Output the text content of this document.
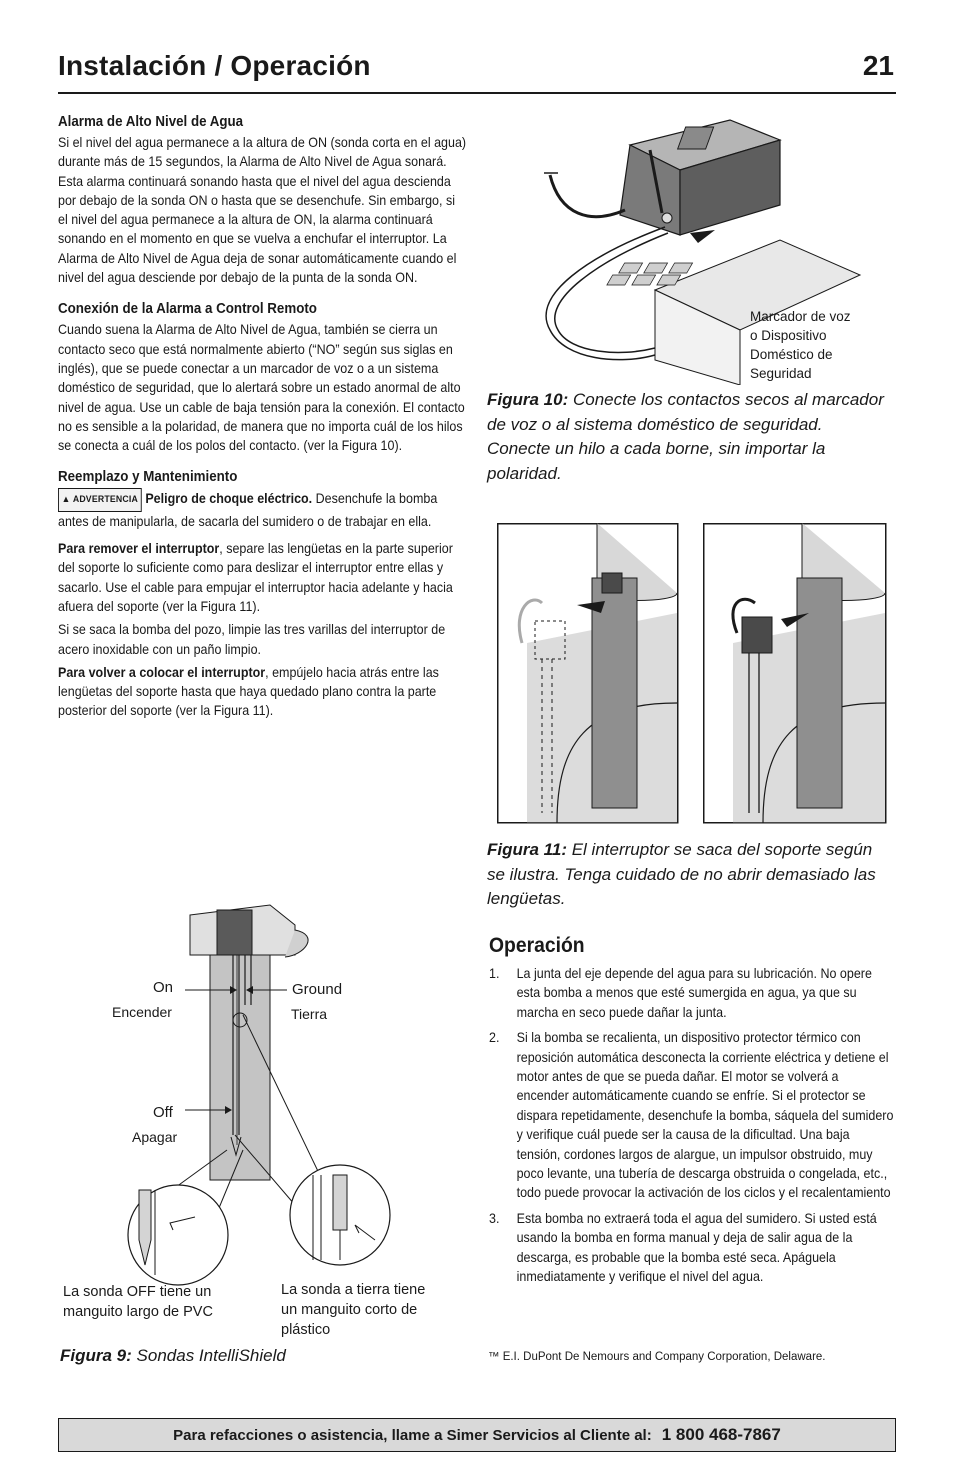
Instalación / Operación	21
Alarma de Alto Nivel de Agua

Si el nivel del agua permanece a la altura de ON (sonda corta en el agua) durante más de 15 segundos, la Alarma de Alto Nivel de Agua sonará. Esta alarma continuará sonando hasta que el nivel del agua descienda por debajo de la sonda ON o hasta que se desenchufe. Sin embargo, si el nivel del agua permanece a la altura de ON, la alarma continuará sonando en el momento en que se vuelva a enchufar el interruptor. La Alarma de Alto Nivel de Agua deja de sonar automáticamente cuando el nivel del agua desciende por debajo de la punta de la sonda ON.

Conexión de la Alarma a Control Remoto

Cuando suena la Alarma de Alto Nivel de Agua, también se cierra un contacto seco que está normalmente abierto (“NO” según sus siglas en inglés), que se puede conectar a un marcador de voz o a un sistema doméstico de seguridad, que lo alertará sobre un estado anormal de alto nivel de agua. Use un cable de baja tensión para la conexión. El contacto no es sensible a la polaridad, de manera que no importa cuál de los hilos se conecta a cuál de los polos del contacto. (ver la Figura 10).

Reemplazo y Mantenimiento

▲ ADVERTENCIA Peligro de choque eléctrico. Desenchufe la bomba antes de manipularla, de sacarla del sumidero o de trabajar en ella.

Para remover el interruptor, separe las lengüetas en la parte superior del soporte lo suficiente como para deslizar el interruptor entre ellas y sacarlo. Use el cable para empujar el interruptor hacia adelante y hacia afuera del soporte (ver la Figura 11).

Si se saca la bomba del pozo, limpie las tres varillas del interruptor de acero inoxidable con un paño limpio.

Para volver a colocar el interruptor, empújelo hacia atrás entre las lengüetas del soporte hasta que haya quedado plano contra la parte posterior del soporte (ver la Figura 11).

Marcador de voz
o Dispositivo
Doméstico de
Seguridad

Figura 10: Conecte los contactos secos al marcador de voz o al sistema doméstico de seguridad. Conecte un hilo a cada borne, sin importar la polaridad.

Figura 11: El interruptor se saca del soporte según se ilustra. Tenga cuidado de no abrir demasiado las lengüetas.

On
Encender
Ground
Tierra
Off
Apagar
La sonda OFF tiene un
manguito largo de PVC
La sonda a tierra tiene
un manguito corto de
plástico

Figura 9: Sondas IntelliShield

Operación
1.	La junta del eje depende del agua para su lubricación. No opere esta bomba a menos que esté sumergida en agua, ya que su marcha en seco puede dañar la junta.
2.	Si la bomba se recalienta, un dispositivo protector térmico con reposición automática desconecta la corriente eléctrica y detiene el motor antes de que se pueda dañar. El motor se volverá a encender automáticamente cuando se enfríe. Si el protector se dispara repetidamente, desenchufe la bomba, sáquela del sumidero y verifique cuál puede ser la causa de la dificultad. Una baja tensión, cordones largos de alargue, un impulsor obstruido, muy poco levante, una tubería de descarga obstruida o congelada, etc., todo puede provocar la activación de los ciclos y el recalentamiento
3.	Esta bomba no extraerá toda el agua del sumidero. Si usted está usando la bomba en forma manual y deja de salir agua de la descarga, es probable que la bomba esté seca. Apáguela inmediatamente y verifique el nivel del agua.
™ E.I. DuPont De Nemours and Company Corporation, Delaware.
Para refacciones o asistencia, llame a Simer Servicios al Cliente al: 1 800 468-7867
